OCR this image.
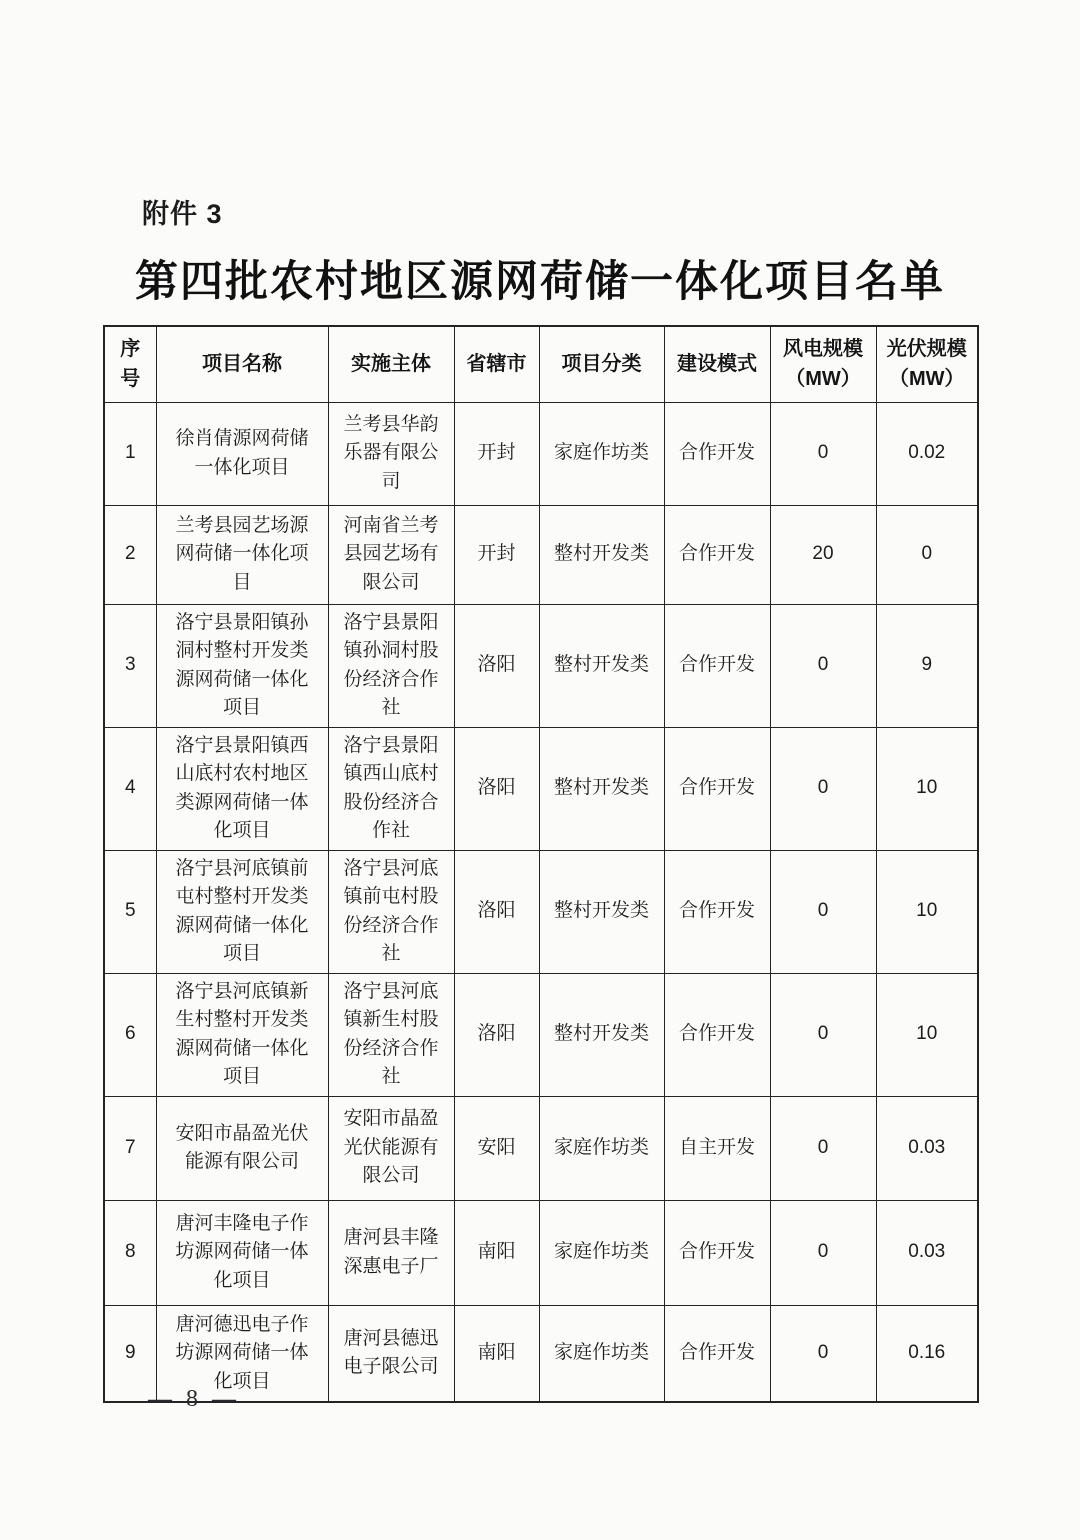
附件 3
第四批农村地区源网荷储一体化项目名单
序 号	项目名称	实施主体	省辖市	项目分类	建设模式	风电规模 （MW）	光伏规模 （MW）
1	徐肖倩源网荷储一体化项目	兰考县华韵乐器有限公司	开封	家庭作坊类	合作开发	0	0.02
2	兰考县园艺场源网荷储一体化项目	河南省兰考县园艺场有限公司	开封	整村开发类	合作开发	20	0
3	洛宁县景阳镇孙洞村整村开发类源网荷储一体化项目	洛宁县景阳镇孙洞村股份经济合作社	洛阳	整村开发类	合作开发	0	9
4	洛宁县景阳镇西山底村农村地区类源网荷储一体化项目	洛宁县景阳镇西山底村股份经济合作社	洛阳	整村开发类	合作开发	0	10
5	洛宁县河底镇前屯村整村开发类源网荷储一体化项目	洛宁县河底镇前屯村股份经济合作社	洛阳	整村开发类	合作开发	0	10
6	洛宁县河底镇新生村整村开发类源网荷储一体化项目	洛宁县河底镇新生村股份经济合作社	洛阳	整村开发类	合作开发	0	10
7	安阳市晶盈光伏能源有限公司	安阳市晶盈光伏能源有限公司	安阳	家庭作坊类	自主开发	0	0.03
8	唐河丰隆电子作坊源网荷储一体化项目	唐河县丰隆深惠电子厂	南阳	家庭作坊类	合作开发	0	0.03
9	唐河德迅电子作坊源网荷储一体化项目	唐河县德迅电子限公司	南阳	家庭作坊类	合作开发	0	0.16
— 8 —
